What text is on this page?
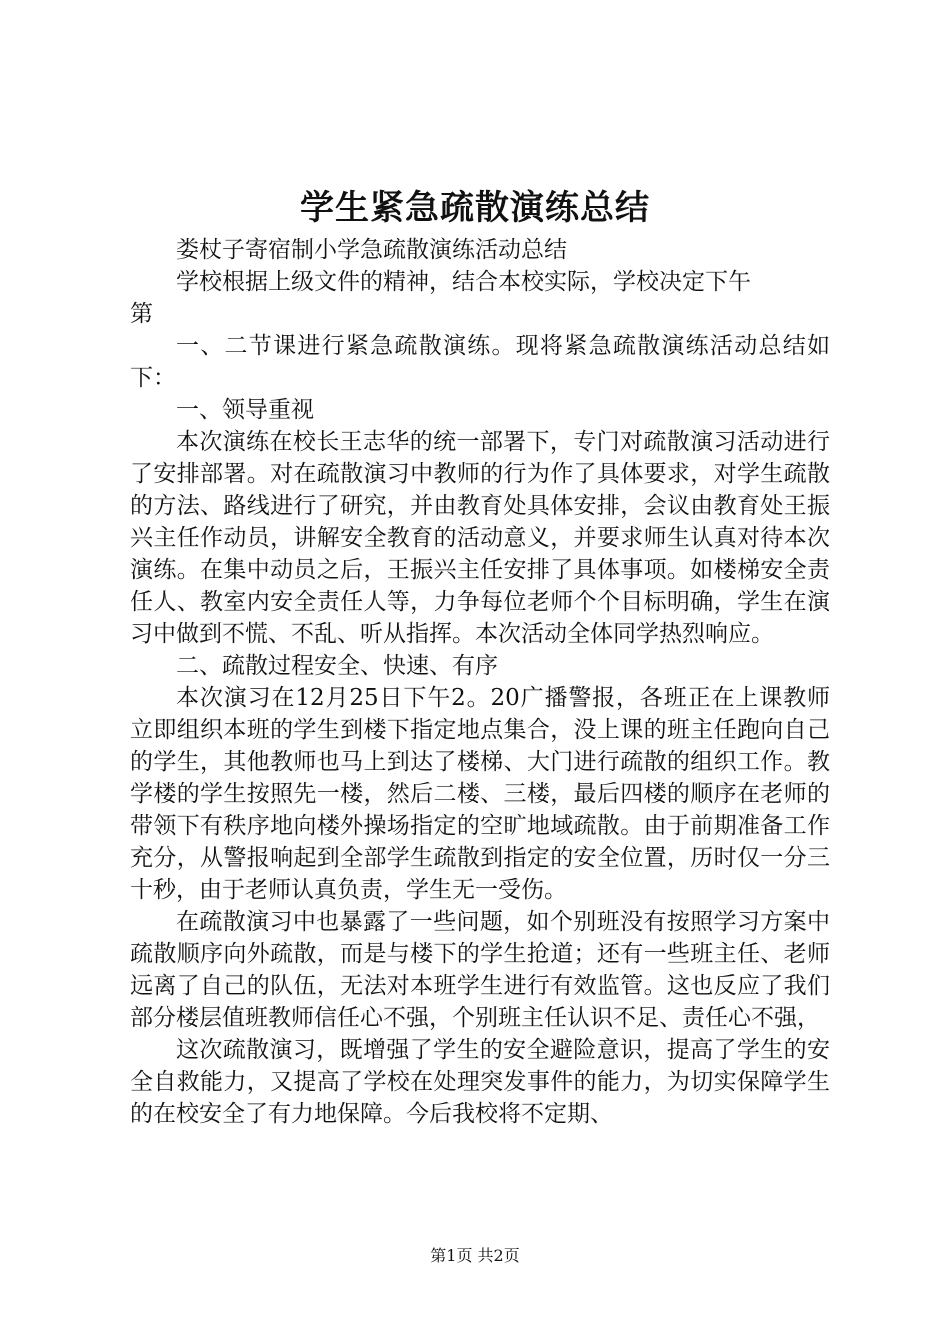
学生紧急疏散演练总结

娄杖子寄宿制小学急疏散演练活动总结

学校根据上级文件的精神，结合本校实际，学校决定下午

第

一、二节课进行紧急疏散演练。现将紧急疏散演练活动总结如下：

一、领导重视

本次演练在校长王志华的统一部署下，专门对疏散演习活动进行了安排部署。对在疏散演习中教师的行为作了具体要求，对学生疏散的方法、路线进行了研究，并由教育处具体安排，会议由教育处王振兴主任作动员，讲解安全教育的活动意义，并要求师生认真对待本次演练。在集中动员之后，王振兴主任安排了具体事项。如楼梯安全责任人、教室内安全责任人等，力争每位老师个个目标明确，学生在演习中做到不慌、不乱、听从指挥。本次活动全体同学热烈响应。

二、疏散过程安全、快速、有序

本次演习在12月25日下午2。20广播警报，各班正在上课教师立即组织本班的学生到楼下指定地点集合，没上课的班主任跑向自己的学生，其他教师也马上到达了楼梯、大门进行疏散的组织工作。教学楼的学生按照先一楼，然后二楼、三楼，最后四楼的顺序在老师的带领下有秩序地向楼外操场指定的空旷地域疏散。由于前期准备工作充分，从警报响起到全部学生疏散到指定的安全位置，历时仅一分三十秒，由于老师认真负责，学生无一受伤。

在疏散演习中也暴露了一些问题，如个别班没有按照学习方案中疏散顺序向外疏散，而是与楼下的学生抢道；还有一些班主任、老师远离了自己的队伍，无法对本班学生进行有效监管。这也反应了我们部分楼层值班教师信任心不强，个别班主任认识不足、责任心不强，

这次疏散演习，既增强了学生的安全避险意识，提高了学生的安全自救能力，又提高了学校在处理突发事件的能力，为切实保障学生的在校安全了有力地保障。今后我校将不定期、

第1页 共2页
